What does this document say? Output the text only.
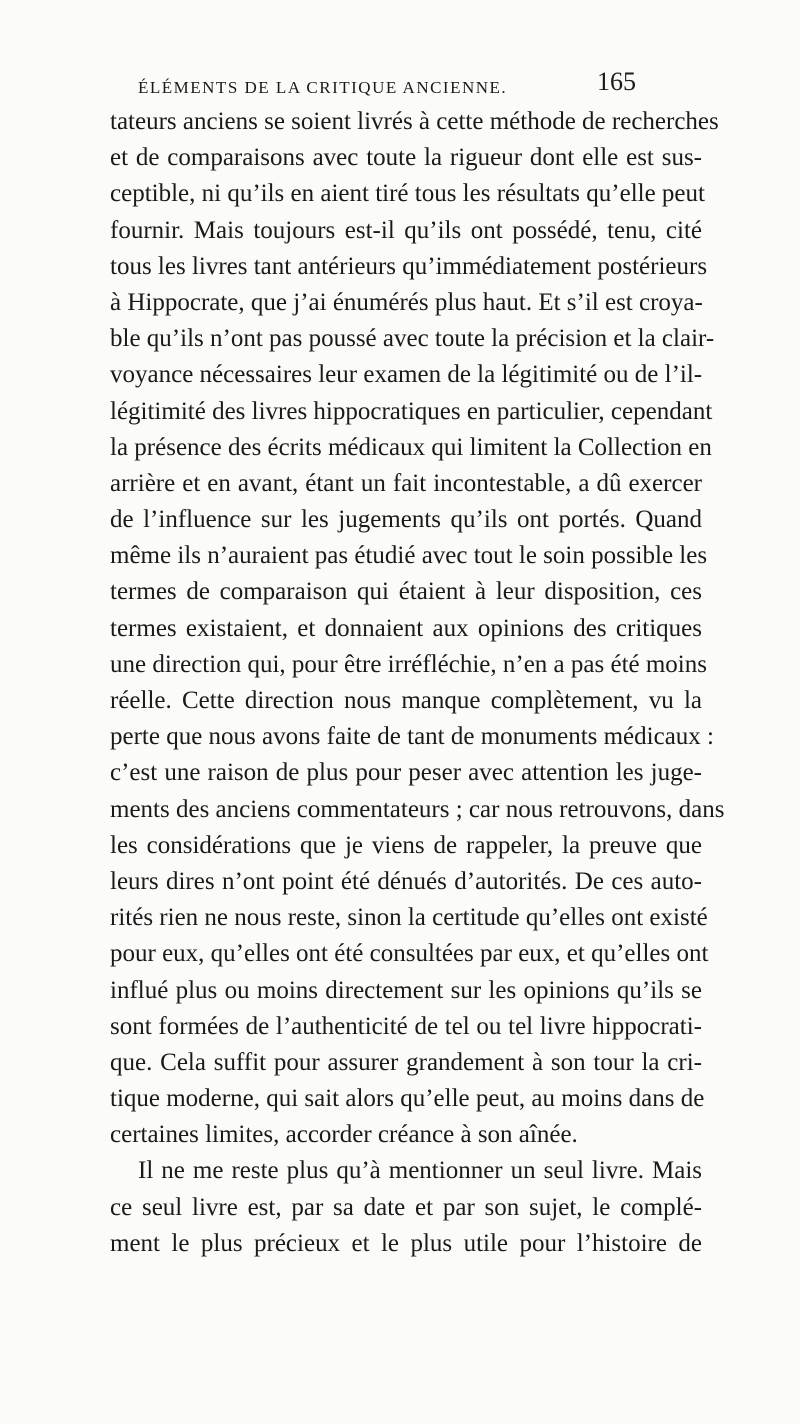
ÉLÉMENTS DE LA CRITIQUE ANCIENNE.	165
tateurs anciens se soient livrés à cette méthode de recherches
et de comparaisons avec toute la rigueur dont elle est sus-
ceptible, ni qu’ils en aient tiré tous les résultats qu’elle peut
fournir. Mais toujours est-il qu’ils ont possédé, tenu, cité
tous les livres tant antérieurs qu’immédiatement postérieurs
à Hippocrate, que j’ai énumérés plus haut. Et s’il est croya-
ble qu’ils n’ont pas poussé avec toute la précision et la clair-
voyance nécessaires leur examen de la légitimité ou de l’il-
légitimité des livres hippocratiques en particulier, cependant
la présence des écrits médicaux qui limitent la Collection en
arrière et en avant, étant un fait incontestable, a dû exercer
de l’influence sur les jugements qu’ils ont portés. Quand
même ils n’auraient pas étudié avec tout le soin possible les
termes de comparaison qui étaient à leur disposition, ces
termes existaient, et donnaient aux opinions des critiques
une direction qui, pour être irréfléchie, n’en a pas été moins
réelle. Cette direction nous manque complètement, vu la
perte que nous avons faite de tant de monuments médicaux :
c’est une raison de plus pour peser avec attention les juge-
ments des anciens commentateurs ; car nous retrouvons, dans
les considérations que je viens de rappeler, la preuve que
leurs dires n’ont point été dénués d’autorités. De ces auto-
rités rien ne nous reste, sinon la certitude qu’elles ont existé
pour eux, qu’elles ont été consultées par eux, et qu’elles ont
influé plus ou moins directement sur les opinions qu’ils se
sont formées de l’authenticité de tel ou tel livre hippocrati-
que. Cela suffit pour assurer grandement à son tour la cri-
tique moderne, qui sait alors qu’elle peut, au moins dans de
certaines limites, accorder créance à son aînée.
Il ne me reste plus qu’à mentionner un seul livre. Mais
ce seul livre est, par sa date et par son sujet, le complé-
ment le plus précieux et le plus utile pour l’histoire de
